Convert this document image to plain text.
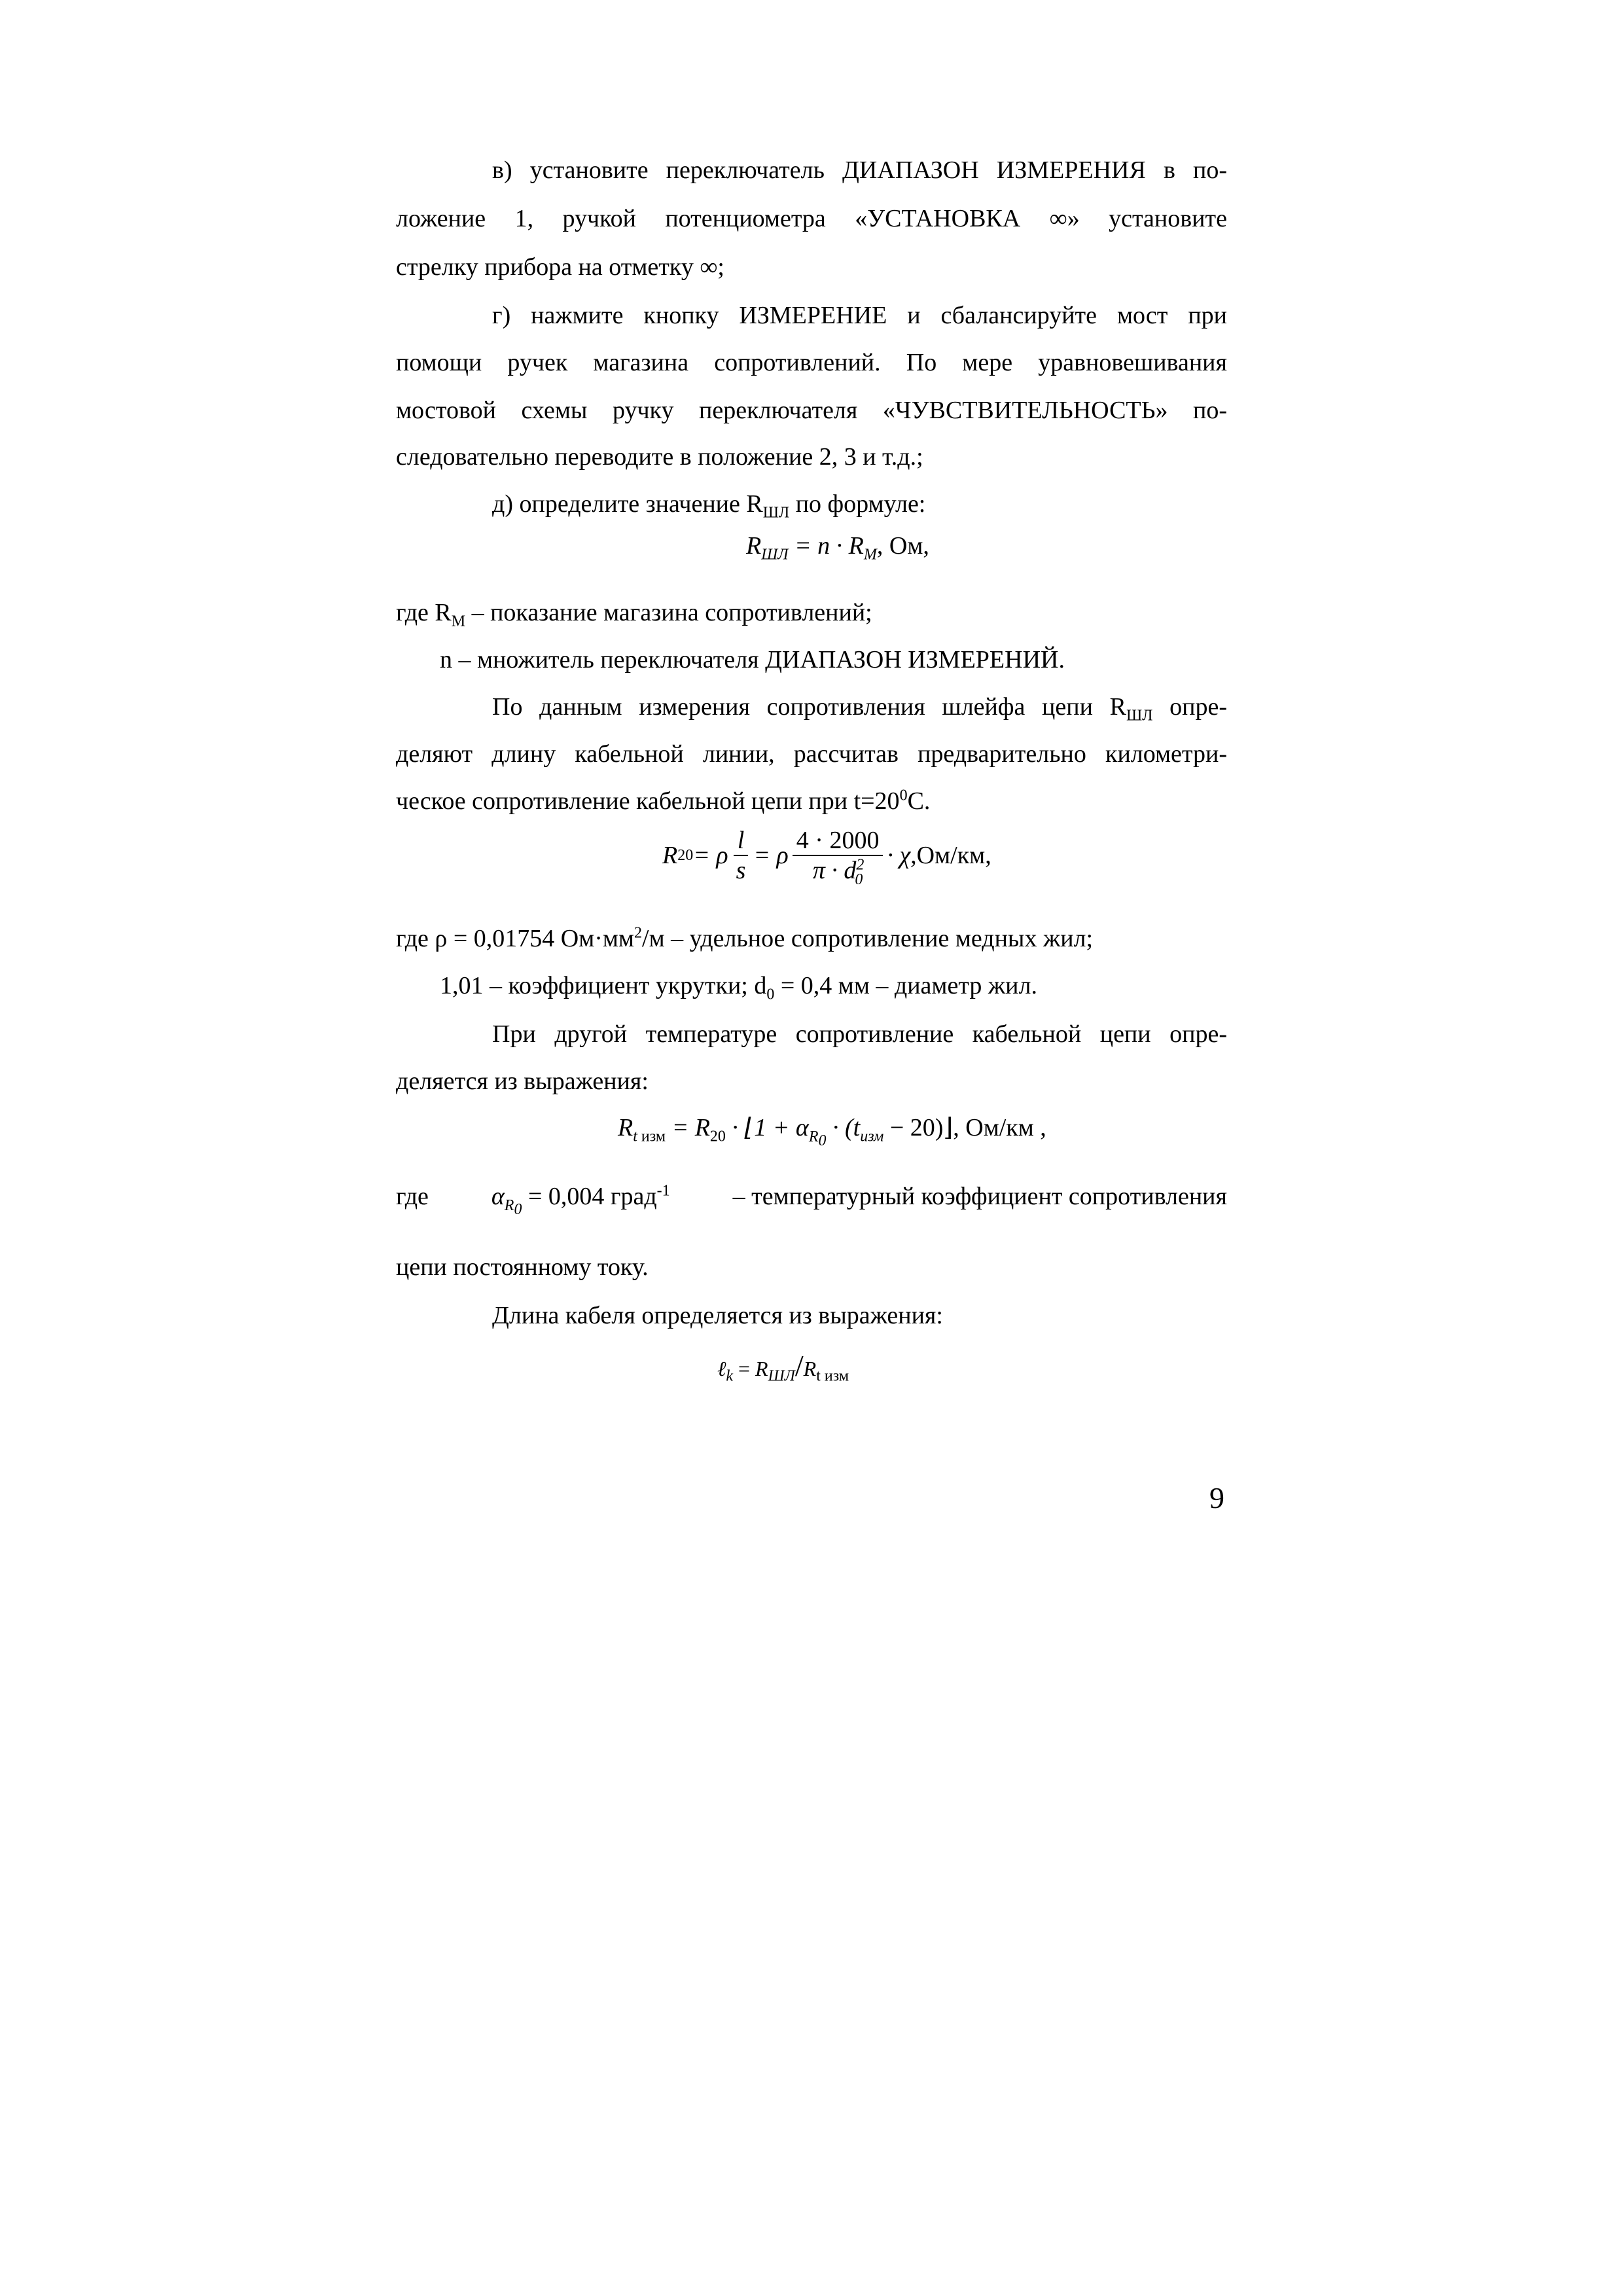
в) установите переключатель ДИАПАЗОН ИЗМЕРЕНИЯ в по-
ложение 1, ручкой потенциометра «УСТАНОВКА ∞» установите
стрелку прибора на отметку ∞;
г) нажмите кнопку ИЗМЕРЕНИЕ и сбалансируйте мост при
помощи ручек магазина сопротивлений. По мере уравновешивания
мостовой схемы ручку переключателя «ЧУВСТВИТЕЛЬНОСТЬ» по-
следовательно переводите в положение 2, 3 и т.д.;
д) определите значение $R_{ШЛ}$ по формуле:
$R_{ШЛ} = n \cdot R_М$, Ом,
где $R_М$ – показание магазина сопротивлений;
n – множитель переключателя ДИАПАЗОН ИЗМЕРЕНИЙ.
По данным измерения сопротивления шлейфа цепи $R_{ШЛ}$ опре-
деляют длину кабельной линии, рассчитав предварительно километри-
ческое сопротивление кабельной цепи при $t=20^0С$.
R 20 = ρ $\frac{l}{s} = \rho \frac{4 \cdot 2000}{\pi \cdot d^2_0} \cdot \chi$, Ом/км,
где ρ = 0,01754 $Ом\cdot мм^2/м$ – удельное сопротивление медных жил;
1,01 – коэффициент укрутки; $d_0 = 0,4$ мм – диаметр жил.
При другой температуре сопротивление кабельной цепи опре-
деляется из выражения:
$R_{t изм} = R_{20}$ · ⌊1 + $\alpha_{R_0} \cdot (t_{изм}$ − 20)⌋, Ом/км ,
где	$\alpha_{R_0} = 0,004$ град$^{-1}$	– температурный коэффициент сопротивления
цепи постоянному току.
Длина кабеля определяется из выражения:
ℓ$_k$ = $R_{ШЛ}/R_{t изм}$
9
